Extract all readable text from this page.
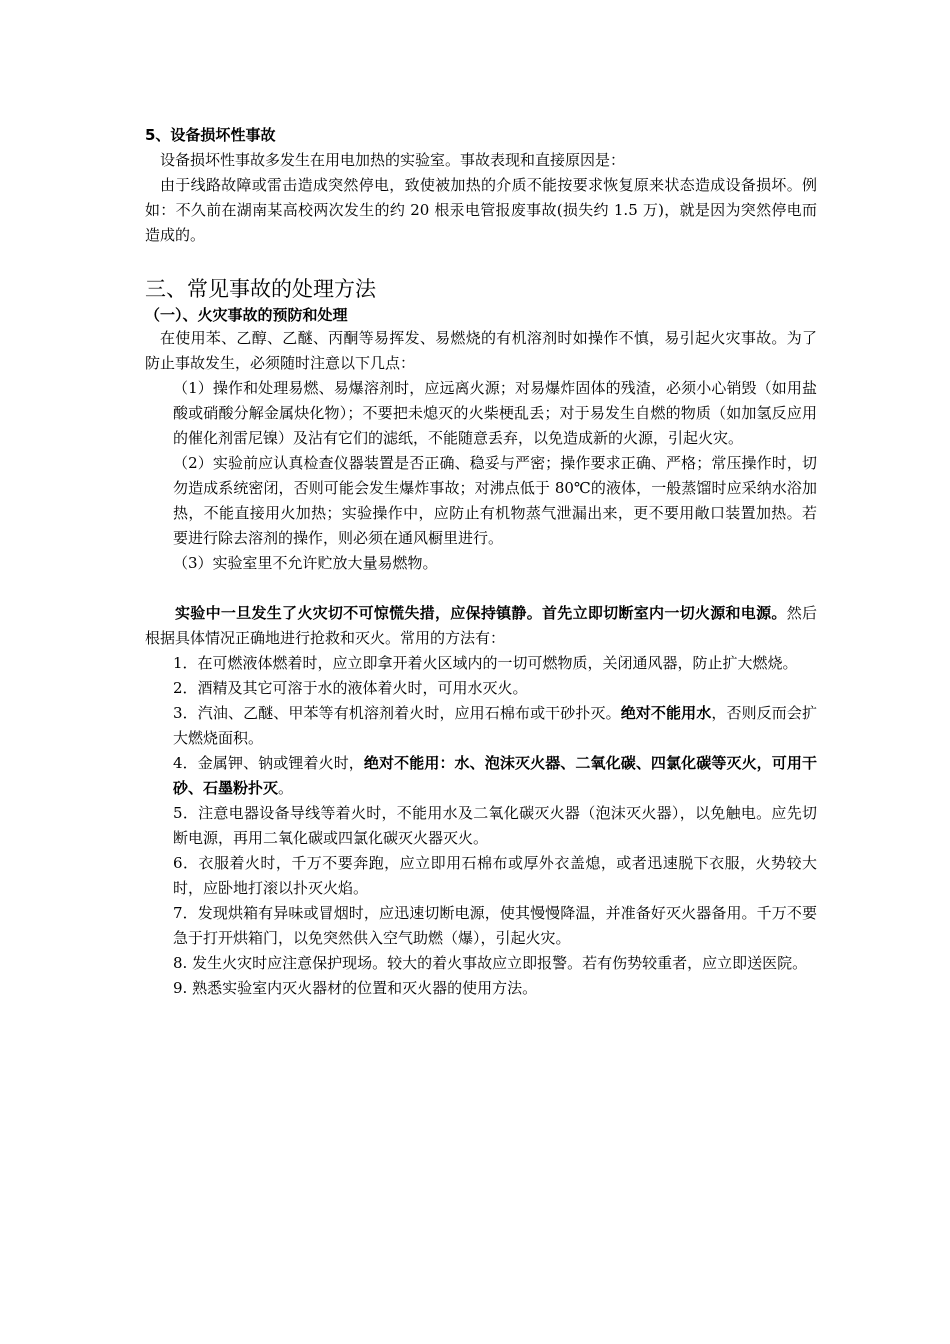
5、设备损坏性事故

设备损坏性事故多发生在用电加热的实验室。事故表现和直接原因是：

由于线路故障或雷击造成突然停电，致使被加热的介质不能按要求恢复原来状态造成设备损坏。例如：不久前在湖南某高校两次发生的约 20 根汞电管报废事故(损失约 1.5 万)，就是因为突然停电而造成的。

三、常见事故的处理方法

（一）、火灾事故的预防和处理

在使用苯、乙醇、乙醚、丙酮等易挥发、易燃烧的有机溶剂时如操作不慎，易引起火灾事故。为了防止事故发生，必须随时注意以下几点：

（1）操作和处理易燃、易爆溶剂时，应远离火源；对易爆炸固体的残渣，必须小心销毁（如用盐酸或硝酸分解金属炔化物）；不要把未熄灭的火柴梗乱丢；对于易发生自燃的物质（如加氢反应用的催化剂雷尼镍）及沾有它们的滤纸，不能随意丢弃，以免造成新的火源，引起火灾。

（2）实验前应认真检查仪器装置是否正确、稳妥与严密；操作要求正确、严格；常压操作时，切勿造成系统密闭，否则可能会发生爆炸事故；对沸点低于 80℃的液体，一般蒸馏时应采纳水浴加热，不能直接用火加热；实验操作中，应防止有机物蒸气泄漏出来，更不要用敞口装置加热。若要进行除去溶剂的操作，则必须在通风橱里进行。

（3）实验室里不允许贮放大量易燃物。

实验中一旦发生了火灾切不可惊慌失措，应保持镇静。首先立即切断室内一切火源和电源。然后根据具体情况正确地进行抢救和灭火。常用的方法有：

1．在可燃液体燃着时，应立即拿开着火区域内的一切可燃物质，关闭通风器，防止扩大燃烧。

2．酒精及其它可溶于水的液体着火时，可用水灭火。

3．汽油、乙醚、甲苯等有机溶剂着火时，应用石棉布或干砂扑灭。绝对不能用水，否则反而会扩大燃烧面积。

4．金属钾、钠或锂着火时，绝对不能用：水、泡沫灭火器、二氧化碳、四氯化碳等灭火，可用干砂、石墨粉扑灭。

5．注意电器设备导线等着火时，不能用水及二氧化碳灭火器（泡沫灭火器），以免触电。应先切断电源，再用二氧化碳或四氯化碳灭火器灭火。

6．衣服着火时，千万不要奔跑，应立即用石棉布或厚外衣盖熄，或者迅速脱下衣服，火势较大时，应卧地打滚以扑灭火焰。

7．发现烘箱有异味或冒烟时，应迅速切断电源，使其慢慢降温，并准备好灭火器备用。千万不要急于打开烘箱门，以免突然供入空气助燃（爆），引起火灾。

8. 发生火灾时应注意保护现场。较大的着火事故应立即报警。若有伤势较重者，应立即送医院。

9. 熟悉实验室内灭火器材的位置和灭火器的使用方法。
